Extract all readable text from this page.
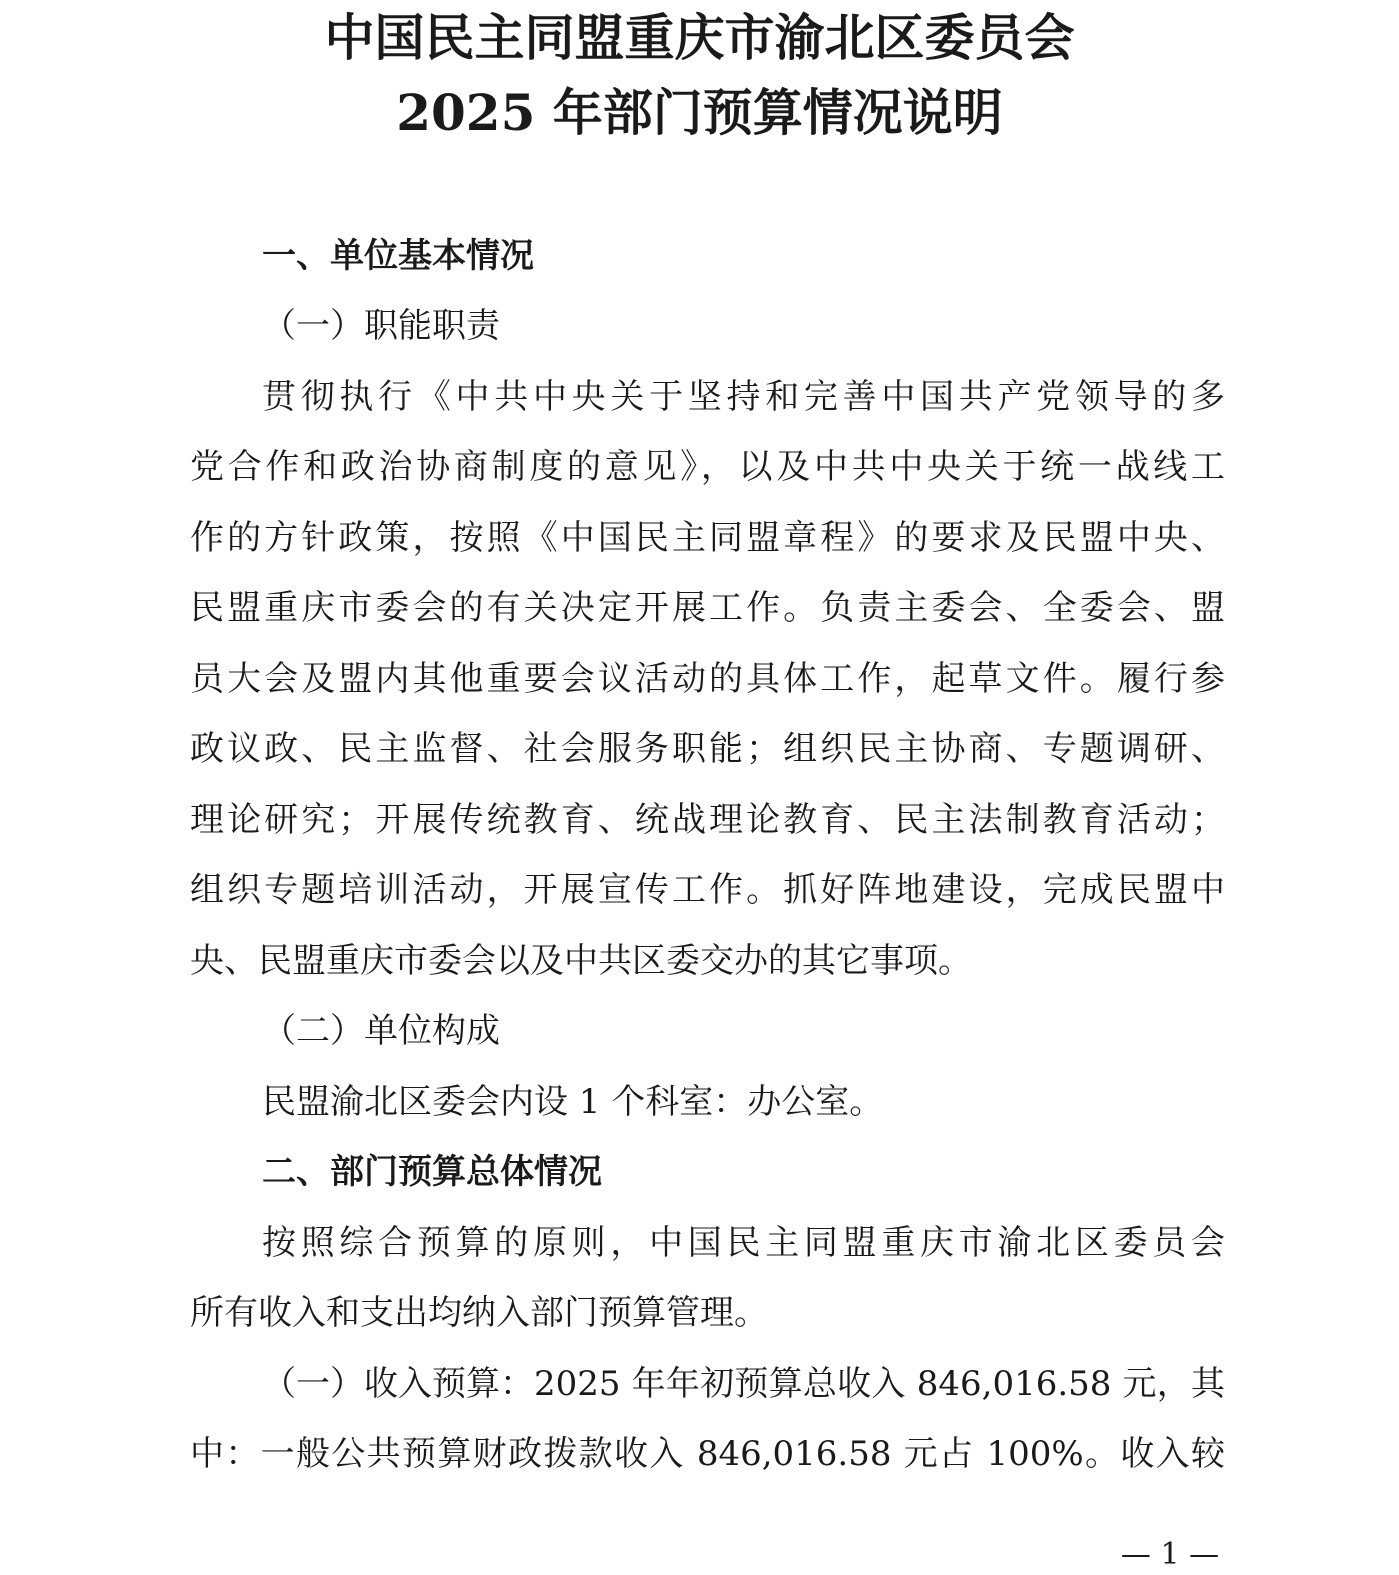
中国民主同盟重庆市渝北区委员会
2025 年部门预算情况说明
一、单位基本情况
（一）职能职责
贯彻执行《中共中央关于坚持和完善中国共产党领导的多
党合作和政治协商制度的意见》，以及中共中央关于统一战线工
作的方针政策，按照《中国民主同盟章程》的要求及民盟中央、
民盟重庆市委会的有关决定开展工作。负责主委会、全委会、盟
员大会及盟内其他重要会议活动的具体工作，起草文件。履行参
政议政、民主监督、社会服务职能；组织民主协商、专题调研、
理论研究；开展传统教育、统战理论教育、民主法制教育活动；
组织专题培训活动，开展宣传工作。抓好阵地建设，完成民盟中
央、民盟重庆市委会以及中共区委交办的其它事项。
（二）单位构成
民盟渝北区委会内设 1 个科室：办公室。
二、部门预算总体情况
按照综合预算的原则，中国民主同盟重庆市渝北区委员会
所有收入和支出均纳入部门预算管理。
（一）收入预算： 2025 年年初预算总收入 846,016.58 元，其
中：一般公共预算财政拨款收入 846,016.58 元占 100%。收入较
— 1 —
